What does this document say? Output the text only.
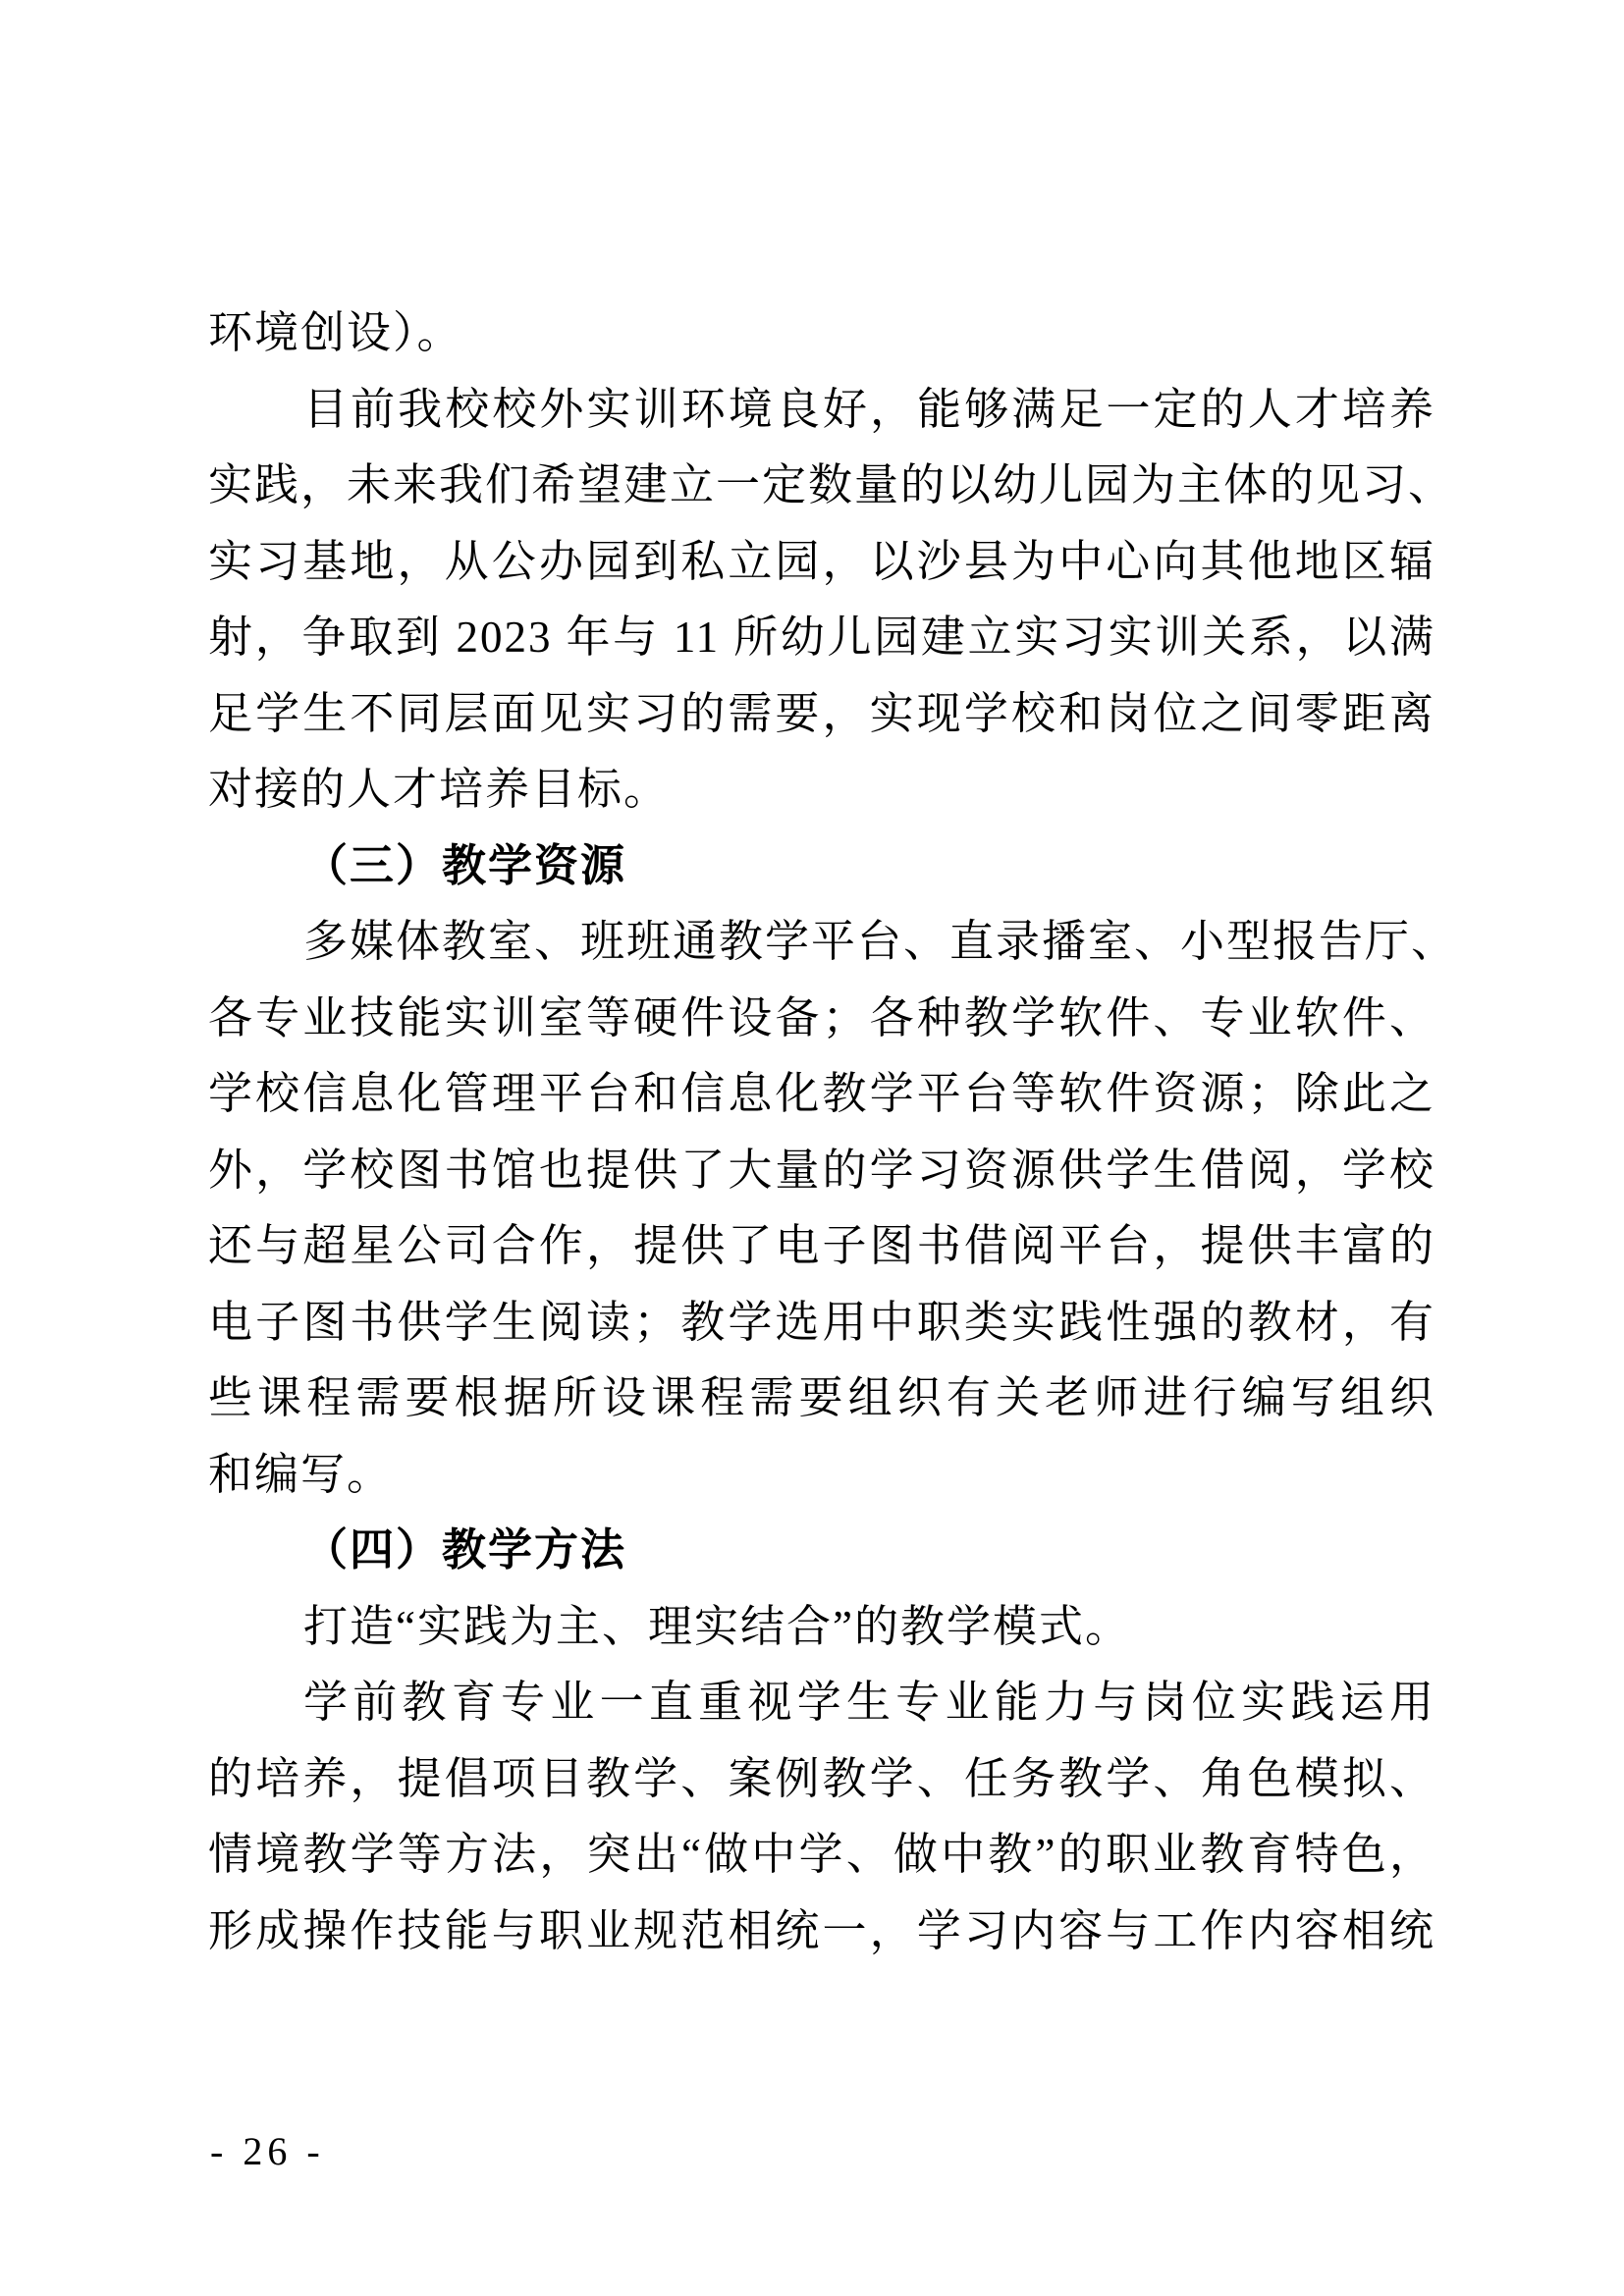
环境创设）。
目前我校校外实训环境良好，能够满足一定的人才培养
实践，未来我们希望建立一定数量的以幼儿园为主体的见习、
实习基地，从公办园到私立园，以沙县为中心向其他地区辐
射，争取到 2023 年与 11 所幼儿园建立实习实训关系，以满
足学生不同层面见实习的需要，实现学校和岗位之间零距离
对接的人才培养目标。
（三）教学资源
多媒体教室、班班通教学平台、直录播室、小型报告厅、
各专业技能实训室等硬件设备；各种教学软件、专业软件、
学校信息化管理平台和信息化教学平台等软件资源；除此之
外，学校图书馆也提供了大量的学习资源供学生借阅，学校
还与超星公司合作，提供了电子图书借阅平台，提供丰富的
电子图书供学生阅读；教学选用中职类实践性强的教材，有
些课程需要根据所设课程需要组织有关老师进行编写组织
和编写。
（四）教学方法
打造“实践为主、理实结合”的教学模式。
学前教育专业一直重视学生专业能力与岗位实践运用
的培养，提倡项目教学、案例教学、任务教学、角色模拟、
情境教学等方法，突出“做中学、做中教”的职业教育特色，
形成操作技能与职业规范相统一，学习内容与工作内容相统
- 26 -
